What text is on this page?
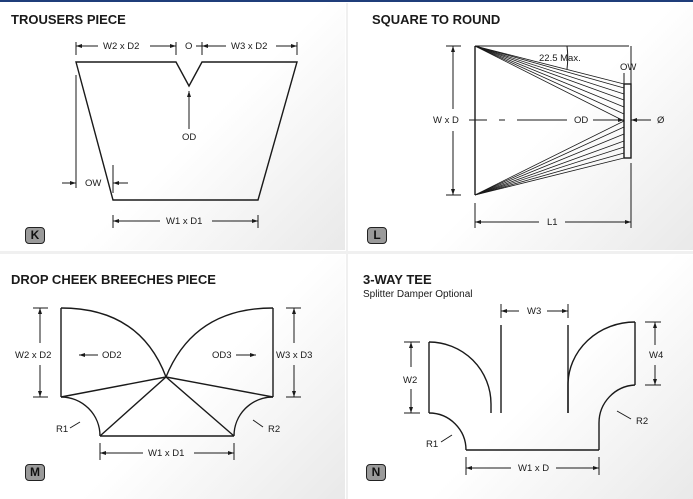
TROUSERS PIECE
W2 x D2	O	W3 x D2
OD
OW
W1 x D1
K
SQUARE TO ROUND
22.5 Max.
OW
W x D	OD	Ø
L1
L
DROP CHEEK BREECHES PIECE
W2 x D2	OD2	OD3	W3 x D3
R1	R2
W1 x D1
M
3-WAY TEE
Splitter Damper Optional
W3
W4
W2
R1
R2
W1 x D
N
